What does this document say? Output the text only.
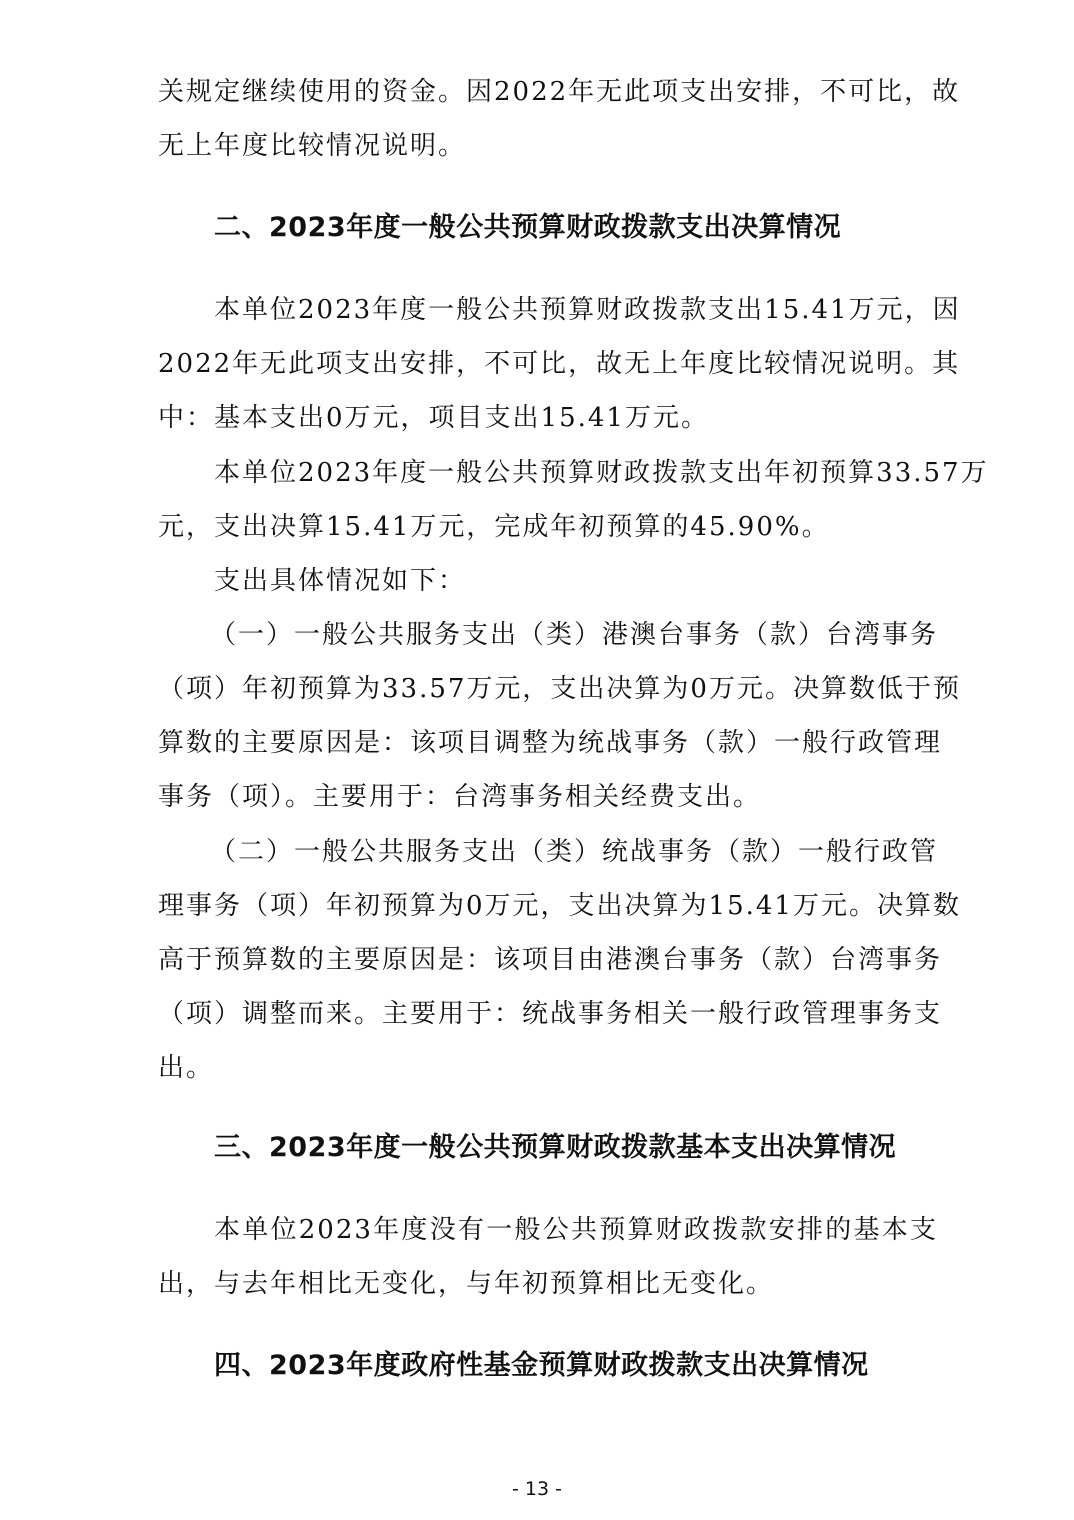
关规定继续使用的资金。因2022年无此项支出安排，不可比，故
无上年度比较情况说明。
二、2023年度一般公共预算财政拨款支出决算情况
本单位2023年度一般公共预算财政拨款支出15.41万元，因
2022年无此项支出安排，不可比，故无上年度比较情况说明。其
中：基本支出0万元，项目支出15.41万元。
本单位2023年度一般公共预算财政拨款支出年初预算33.57万
元，支出决算15.41万元，完成年初预算的45.90%。
支出具体情况如下：
（一）一般公共服务支出（类）港澳台事务（款）台湾事务
（项）年初预算为33.57万元，支出决算为0万元。决算数低于预
算数的主要原因是：该项目调整为统战事务（款）一般行政管理
事务（项）。主要用于：台湾事务相关经费支出。
（二）一般公共服务支出（类）统战事务（款）一般行政管
理事务（项）年初预算为0万元，支出决算为15.41万元。决算数
高于预算数的主要原因是：该项目由港澳台事务（款）台湾事务
（项）调整而来。主要用于：统战事务相关一般行政管理事务支
出。
三、2023年度一般公共预算财政拨款基本支出决算情况
本单位2023年度没有一般公共预算财政拨款安排的基本支
出，与去年相比无变化，与年初预算相比无变化。
四、2023年度政府性基金预算财政拨款支出决算情况
- 13 -
